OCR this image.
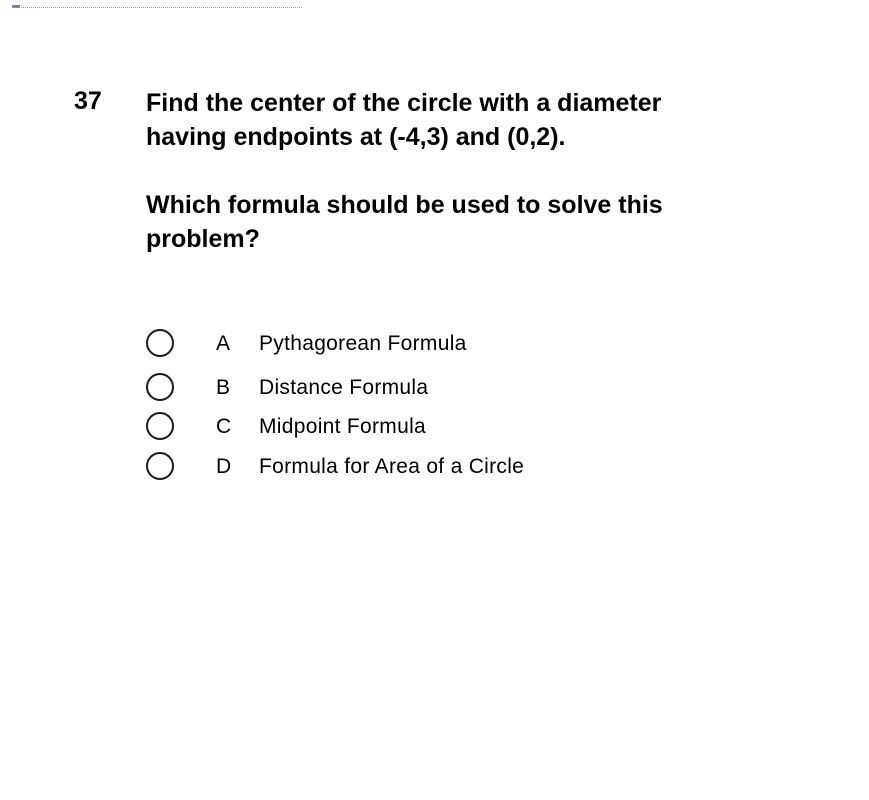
37 Find the center of the circle with a diameter
having endpoints at (-4,3) and (0,2).

Which formula should be used to solve this
problem?
A Pythagorean Formula
B Distance Formula
C Midpoint Formula
D Formula for Area of a Circle
